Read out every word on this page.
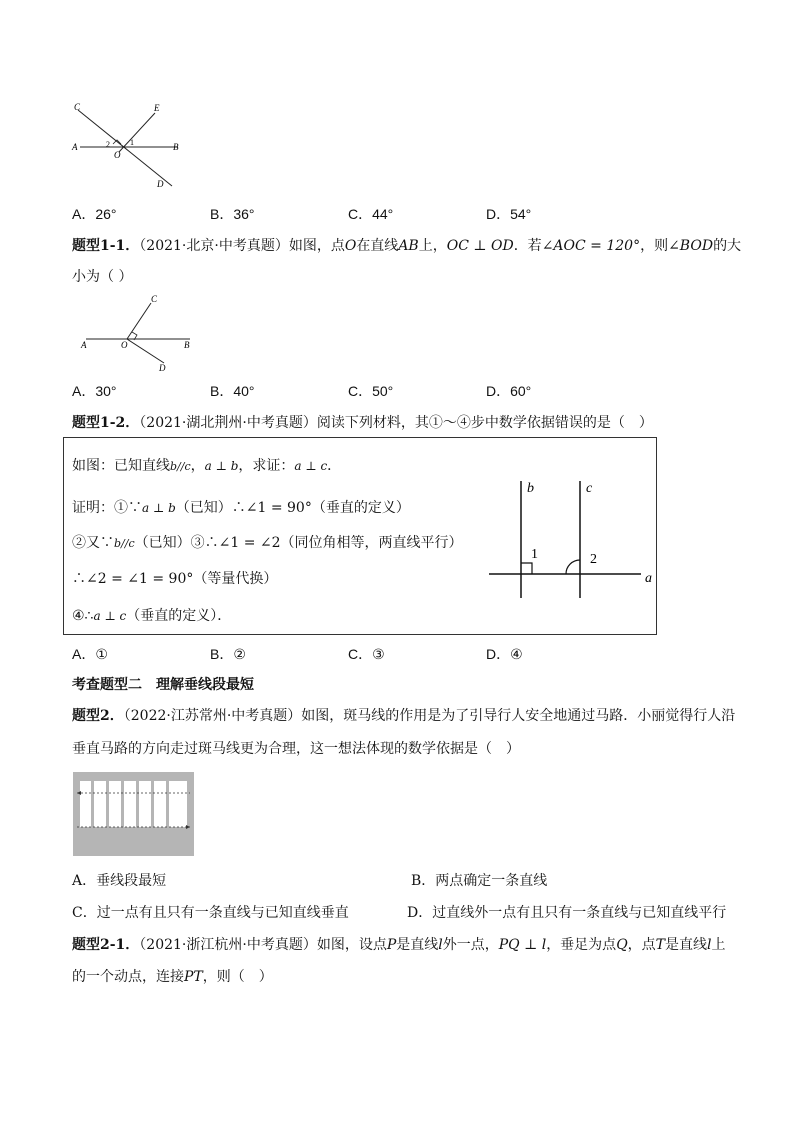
C	E
A	B
O
D
1
2
A．26°	B．36°	C．44°	D．54°
题型1-1．（2021·北京·中考真题）如图，点O在直线AB上，OC ⊥ OD．若∠AOC = 120°，则∠BOD的大
小为（ ）
C
A	O	B
D
A．30°	B．40°	C．50°	D．60°
题型1-2．（2021·湖北荆州·中考真题）阅读下列材料，其①～④步中数学依据错误的是（　）
如图：已知直线b//c，a ⊥ b，求证：a ⊥ c．
证明：①∵a ⊥ b（已知）∴∠1 = 90°（垂直的定义）
②又∵b//c（已知）③∴∠1 = ∠2（同位角相等，两直线平行）
∴∠2 = ∠1 = 90°（等量代换）
④∴a ⊥ c（垂直的定义）．
b	c
a
1	2
A．①	B．②	C．③	D．④
考查题型二　理解垂线段最短
题型2．（2022·江苏常州·中考真题）如图，斑马线的作用是为了引导行人安全地通过马路．小丽觉得行人沿
垂直马路的方向走过斑马线更为合理，这一想法体现的数学依据是（　）
A．垂线段最短	B．两点确定一条直线
C．过一点有且只有一条直线与已知直线垂直	D．过直线外一点有且只有一条直线与已知直线平行
题型2-1．（2021·浙江杭州·中考真题）如图，设点P是直线l外一点，PQ ⊥ l，垂足为点Q，点T是直线l上
的一个动点，连接PT，则（　）
